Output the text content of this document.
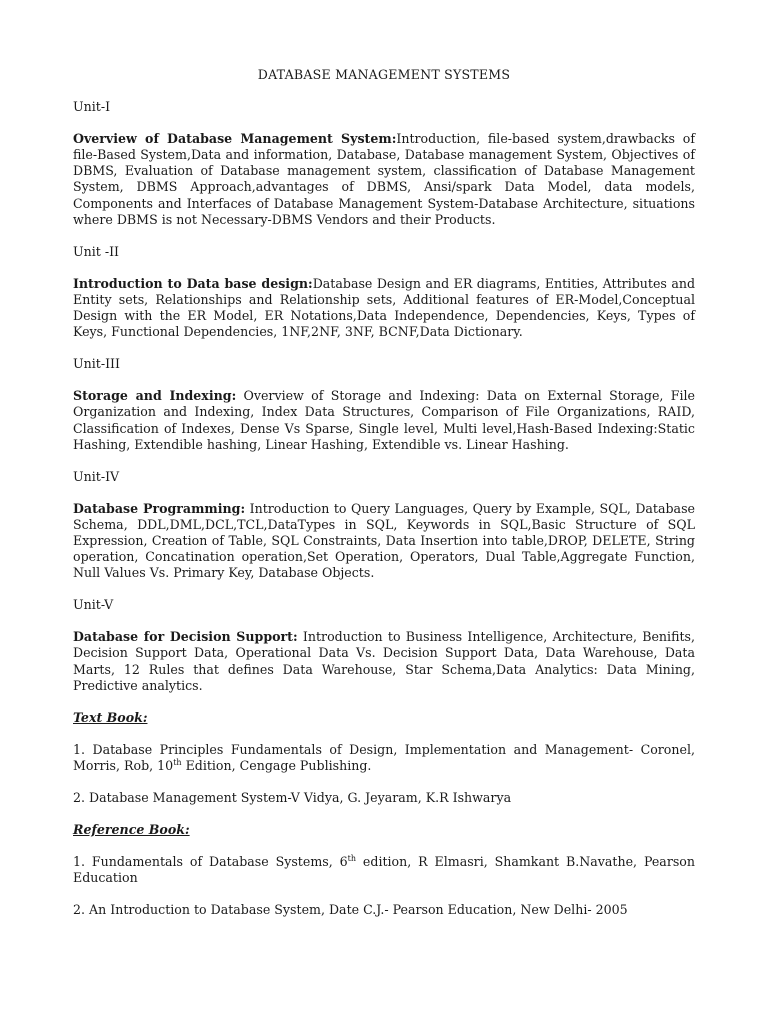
DATABASE MANAGEMENT SYSTEMS
Unit-I
Overview of Database Management System:Introduction, file-based system,drawbacks of file-Based System,Data and information, Database, Database management System, Objectives of DBMS, Evaluation of Database management system, classification of Database Management System, DBMS Approach,advantages of DBMS, Ansi/spark Data Model, data models, Components and Interfaces of Database Management System-Database Architecture, situations where DBMS is not Necessary-DBMS Vendors and their Products.
Unit -II
Introduction to Data base design:Database Design and ER diagrams, Entities, Attributes and Entity sets, Relationships and Relationship sets, Additional features of ER-Model,Conceptual Design with the ER Model, ER Notations,Data Independence, Dependencies, Keys, Types of Keys, Functional Dependencies, 1NF,2NF, 3NF, BCNF,Data Dictionary.
Unit-III
Storage and Indexing: Overview of Storage and Indexing: Data on External Storage, File Organization and Indexing, Index Data Structures, Comparison of File Organizations, RAID, Classification of Indexes, Dense Vs Sparse, Single level, Multi level,Hash-Based Indexing:Static Hashing, Extendible hashing, Linear Hashing, Extendible vs. Linear Hashing.
Unit-IV
Database Programming: Introduction to Query Languages, Query by Example, SQL, Database Schema, DDL,DML,DCL,TCL,DataTypes in SQL, Keywords in SQL,Basic Structure of SQL Expression, Creation of Table, SQL Constraints, Data Insertion into table,DROP, DELETE, String operation, Concatination operation,Set Operation, Operators, Dual Table,Aggregate Function, Null Values Vs. Primary Key, Database Objects.
Unit-V
Database for Decision Support: Introduction to Business Intelligence, Architecture, Benifits, Decision Support Data, Operational Data Vs. Decision Support Data, Data Warehouse, Data Marts, 12 Rules that defines Data Warehouse, Star Schema,Data Analytics: Data Mining, Predictive analytics.
Text Book:
1. Database Principles Fundamentals of Design, Implementation and Management- Coronel, Morris, Rob, 10th Edition, Cengage Publishing.
2. Database Management System-V Vidya, G. Jeyaram, K.R Ishwarya
Reference Book:
1. Fundamentals of Database Systems, 6th edition, R Elmasri, Shamkant B.Navathe, Pearson Education
2. An Introduction to Database System, Date C.J.- Pearson Education, New Delhi- 2005
